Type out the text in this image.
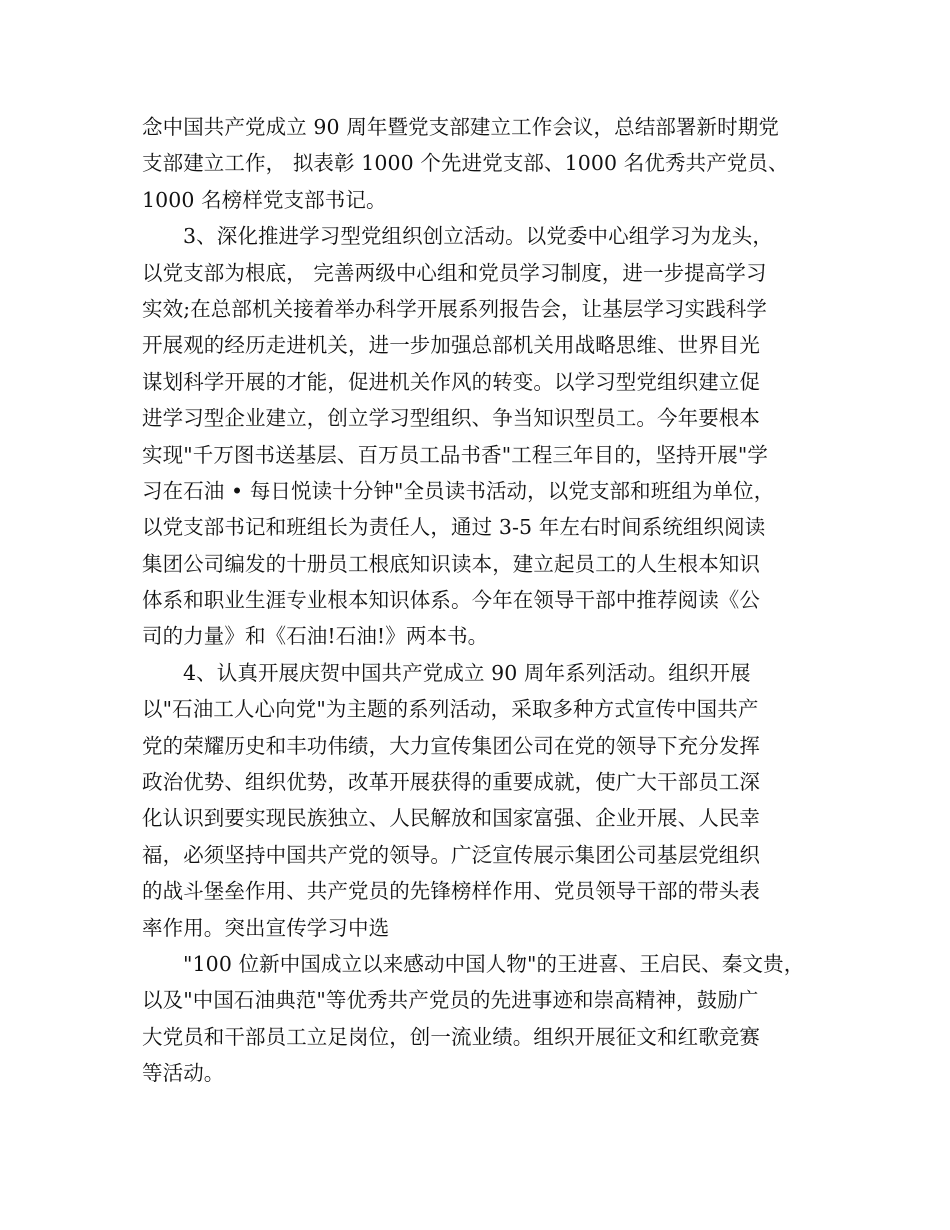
念中国共产党成立 90 周年暨党支部建立工作会议，总结部署新时期党
支部建立工作， 拟表彰 1000 个先进党支部、1000 名优秀共产党员、
1000 名榜样党支部书记。
3、深化推进学习型党组织创立活动。以党委中心组学习为龙头，
以党支部为根底， 完善两级中心组和党员学习制度，进一步提高学习
实效;在总部机关接着举办科学开展系列报告会，让基层学习实践科学
开展观的经历走进机关，进一步加强总部机关用战略思维、世界目光
谋划科学开展的才能，促进机关作风的转变。以学习型党组织建立促
进学习型企业建立，创立学习型组织、争当知识型员工。今年要根本
实现"千万图书送基层、百万员工品书香"工程三年目的，坚持开展"学
习在石油 • 每日悦读十分钟"全员读书活动，以党支部和班组为单位，
以党支部书记和班组长为责任人，通过 3-5 年左右时间系统组织阅读
集团公司编发的十册员工根底知识读本，建立起员工的人生根本知识
体系和职业生涯专业根本知识体系。今年在领导干部中推荐阅读《公
司的力量》和《石油!石油!》两本书。
4、认真开展庆贺中国共产党成立 90 周年系列活动。组织开展
以"石油工人心向党"为主题的系列活动，采取多种方式宣传中国共产
党的荣耀历史和丰功伟绩，大力宣传集团公司在党的领导下充分发挥
政治优势、组织优势，改革开展获得的重要成就，使广大干部员工深
化认识到要实现民族独立、人民解放和国家富强、企业开展、人民幸
福，必须坚持中国共产党的领导。广泛宣传展示集团公司基层党组织
的战斗堡垒作用、共产党员的先锋榜样作用、党员领导干部的带头表
率作用。突出宣传学习中选
"100 位新中国成立以来感动中国人物"的王进喜、王启民、秦文贵，
以及"中国石油典范"等优秀共产党员的先进事迹和崇高精神，鼓励广
大党员和干部员工立足岗位，创一流业绩。组织开展征文和红歌竞赛
等活动。
